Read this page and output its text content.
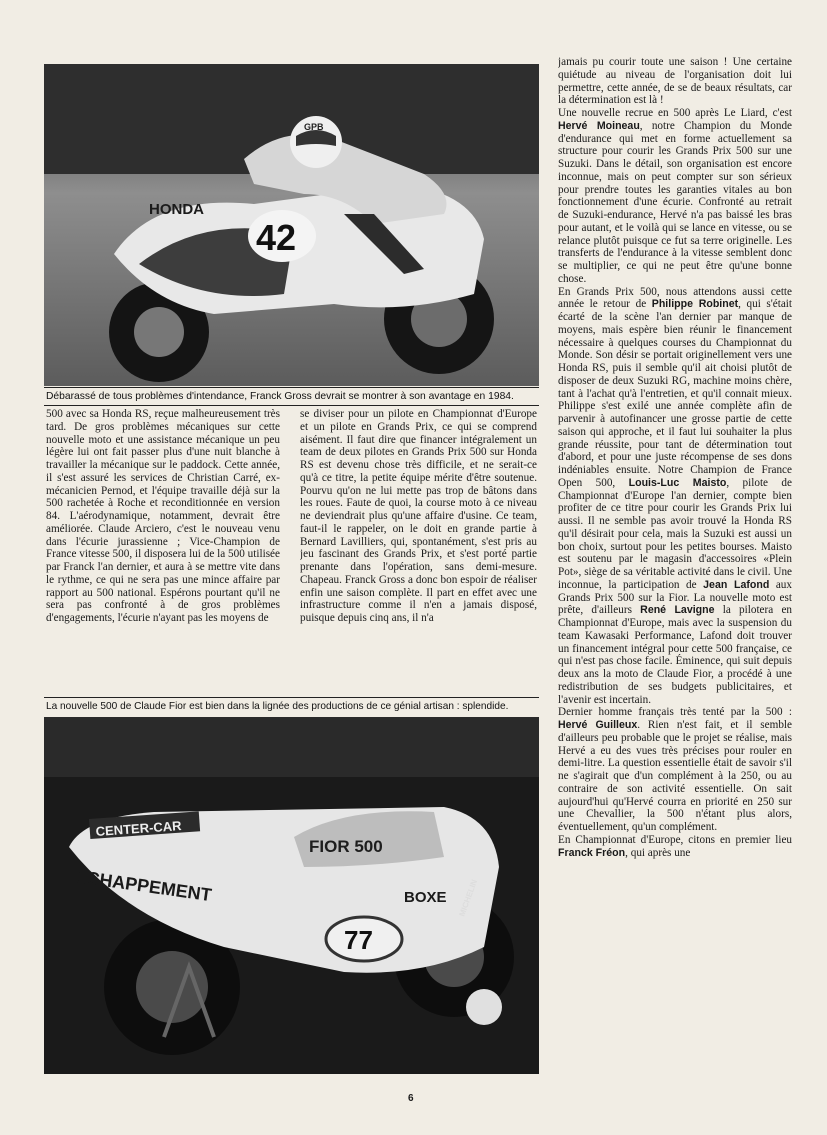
HONDA
42
GPB
Débarassé de tous problèmes d'intendance, Franck Gross devrait se montrer à son avantage en 1984.

500 avec sa Honda RS, reçue malheureusement très tard. De gros problèmes mécaniques sur cette nouvelle moto et une assistance mécanique un peu légère lui ont fait passer plus d'une nuit blanche à travailler la mécanique sur le paddock. Cette année, il s'est assuré les services de Christian Carré, ex-mécanicien Pernod, et l'équipe travaille déjà sur la 500 rachetée à Roche et reconditionnée en version 84. L'aérodynamique, notamment, devrait être améliorée. Claude Arciero, c'est le nouveau venu dans l'écurie jurassienne ; Vice-Champion de France vitesse 500, il disposera lui de la 500 utilisée par Franck l'an dernier, et aura à se mettre vite dans le rythme, ce qui ne sera pas une mince affaire par rapport au 500 national. Espérons pourtant qu'il ne sera pas confronté à de gros problèmes d'engagements, l'écurie n'ayant pas les moyens de

se diviser pour un pilote en Championnat d'Europe et un pilote en Grands Prix, ce qui se comprend aisément. Il faut dire que financer intégralement un team de deux pilotes en Grands Prix 500 sur Honda RS est devenu chose très difficile, et ne serait-ce qu'à ce titre, la petite équipe mérite d'être soutenue. Pourvu qu'on ne lui mette pas trop de bâtons dans les roues. Faute de quoi, la course moto à ce niveau ne deviendrait plus qu'une affaire d'usine. Ce team, faut-il le rappeler, on le doit en grande partie à Bernard Lavilliers, qui, spontanément, s'est pris au jeu fascinant des Grands Prix, et s'est porté partie prenante dans l'opération, sans demi-mesure. Chapeau. Franck Gross a donc bon espoir de réaliser enfin une saison complète. Il part en effet avec une infrastructure comme il n'en a jamais disposé, puisque depuis cinq ans, il n'a

La nouvelle 500 de Claude Fior est bien dans la lignée des productions de ce génial artisan : splendide.
CENTER-CAR
FIOR 500
ECHAPPEMENT	BOXE
77
MICHELIN

jamais pu courir toute une saison ! Une certaine quiétude au niveau de l'organisation doit lui permettre, cette année, de se de beaux résultats, car la détermination est là !

Une nouvelle recrue en 500 après Le Liard, c'est Hervé Moineau, notre Champion du Monde d'endurance qui met en forme actuellement sa structure pour courir les Grands Prix 500 sur une Suzuki. Dans le détail, son organisation est encore inconnue, mais on peut compter sur son sérieux pour prendre toutes les garanties vitales au bon fonctionnement d'une écurie. Confronté au retrait de Suzuki-endurance, Hervé n'a pas baissé les bras pour autant, et le voilà qui se lance en vitesse, ou se relance plutôt puisque ce fut sa terre originelle. Les transferts de l'endurance à la vitesse semblent donc se multiplier, ce qui ne peut être qu'une bonne chose.

En Grands Prix 500, nous attendons aussi cette année le retour de Philippe Robinet, qui s'était écarté de la scène l'an dernier par manque de moyens, mais espère bien réunir le financement nécessaire à quelques courses du Championnat du Monde. Son désir se portait originellement vers une Honda RS, puis il semble qu'il ait choisi plutôt de disposer de deux Suzuki RG, machine moins chère, tant à l'achat qu'à l'entretien, et qu'il connait mieux. Philippe s'est exilé une année complète afin de parvenir à autofinancer une grosse partie de cette saison qui approche, et il faut lui souhaiter la plus grande réussite, pour tant de détermination tout d'abord, et pour une juste récompense de ses dons indéniables ensuite. Notre Champion de France Open 500, Louis-Luc Maisto, pilote de Championnat d'Europe l'an dernier, compte bien profiter de ce titre pour courir les Grands Prix lui aussi. Il ne semble pas avoir trouvé la Honda RS qu'il désirait pour cela, mais la Suzuki est aussi un bon choix, surtout pour les petites bourses. Maisto est soutenu par le magasin d'accessoires «Plein Pot», siège de sa véritable activité dans le civil. Une inconnue, la participation de Jean Lafond aux Grands Prix 500 sur la Fior. La nouvelle moto est prête, d'ailleurs René Lavigne la pilotera en Championnat d'Europe, mais avec la suspension du team Kawasaki Performance, Lafond doit trouver un financement intégral pour cette 500 française, ce qui n'est pas chose facile. Éminence, qui suit depuis deux ans la moto de Claude Fior, a procédé à une redistribution de ses budgets publicitaires, et l'avenir est incertain.

Dernier homme français très tenté par la 500 : Hervé Guilleux. Rien n'est fait, et il semble d'ailleurs peu probable que le projet se réalise, mais Hervé a eu des vues très précises pour rouler en demi-litre. La question essentielle était de savoir s'il ne s'agirait que d'un complément à la 250, ou au contraire de son activité essentielle. On sait aujourd'hui qu'Hervé courra en priorité en 250 sur une Chevallier, la 500 n'étant plus alors, éventuellement, qu'un complément.

En Championnat d'Europe, citons en premier lieu Franck Fréon, qui après une

6
